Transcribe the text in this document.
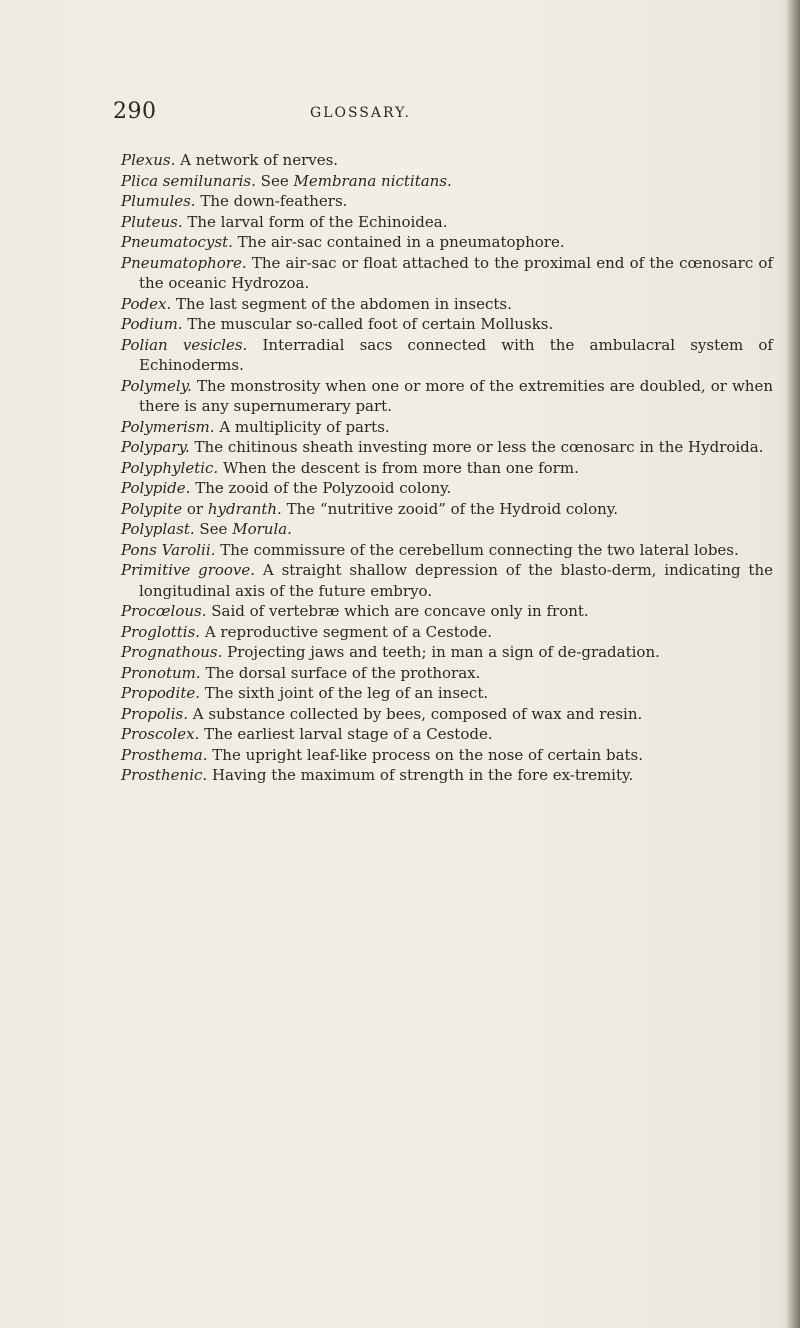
290	GLOSSARY.

Plexus. A network of nerves.

Plica semilunaris. See Membrana nictitans.

Plumules. The down-feathers.

Pluteus. The larval form of the Echinoidea.

Pneumatocyst. The air-sac contained in a pneumatophore.

Pneumatophore. The air-sac or float attached to the proximal end of the cœnosarc of the oceanic Hydrozoa.

Podex. The last segment of the abdomen in insects.

Podium. The muscular so-called foot of certain Mollusks.

Polian vesicles. Interradial sacs connected with the ambulacral system of Echinoderms.

Polymely. The monstrosity when one or more of the extremities are doubled, or when there is any supernumerary part.

Polymerism. A multiplicity of parts.

Polypary. The chitinous sheath investing more or less the cœnosarc in the Hydroida.

Polyphyletic. When the descent is from more than one form.

Polypide. The zooid of the Polyzooid colony.

Polypite or hydranth. The “nutritive zooid” of the Hydroid colony.

Polyplast. See Morula.

Pons Varolii. The commissure of the cerebellum connecting the two lateral lobes.

Primitive groove. A straight shallow depression of the blasto-derm, indicating the longitudinal axis of the future embryo.

Procœlous. Said of vertebræ which are concave only in front.

Proglottis. A reproductive segment of a Cestode.

Prognathous. Projecting jaws and teeth; in man a sign of de-gradation.

Pronotum. The dorsal surface of the prothorax.

Propodite. The sixth joint of the leg of an insect.

Propolis. A substance collected by bees, composed of wax and resin.

Proscolex. The earliest larval stage of a Cestode.

Prosthema. The upright leaf-like process on the nose of certain bats.

Prosthenic. Having the maximum of strength in the fore ex-tremity.
